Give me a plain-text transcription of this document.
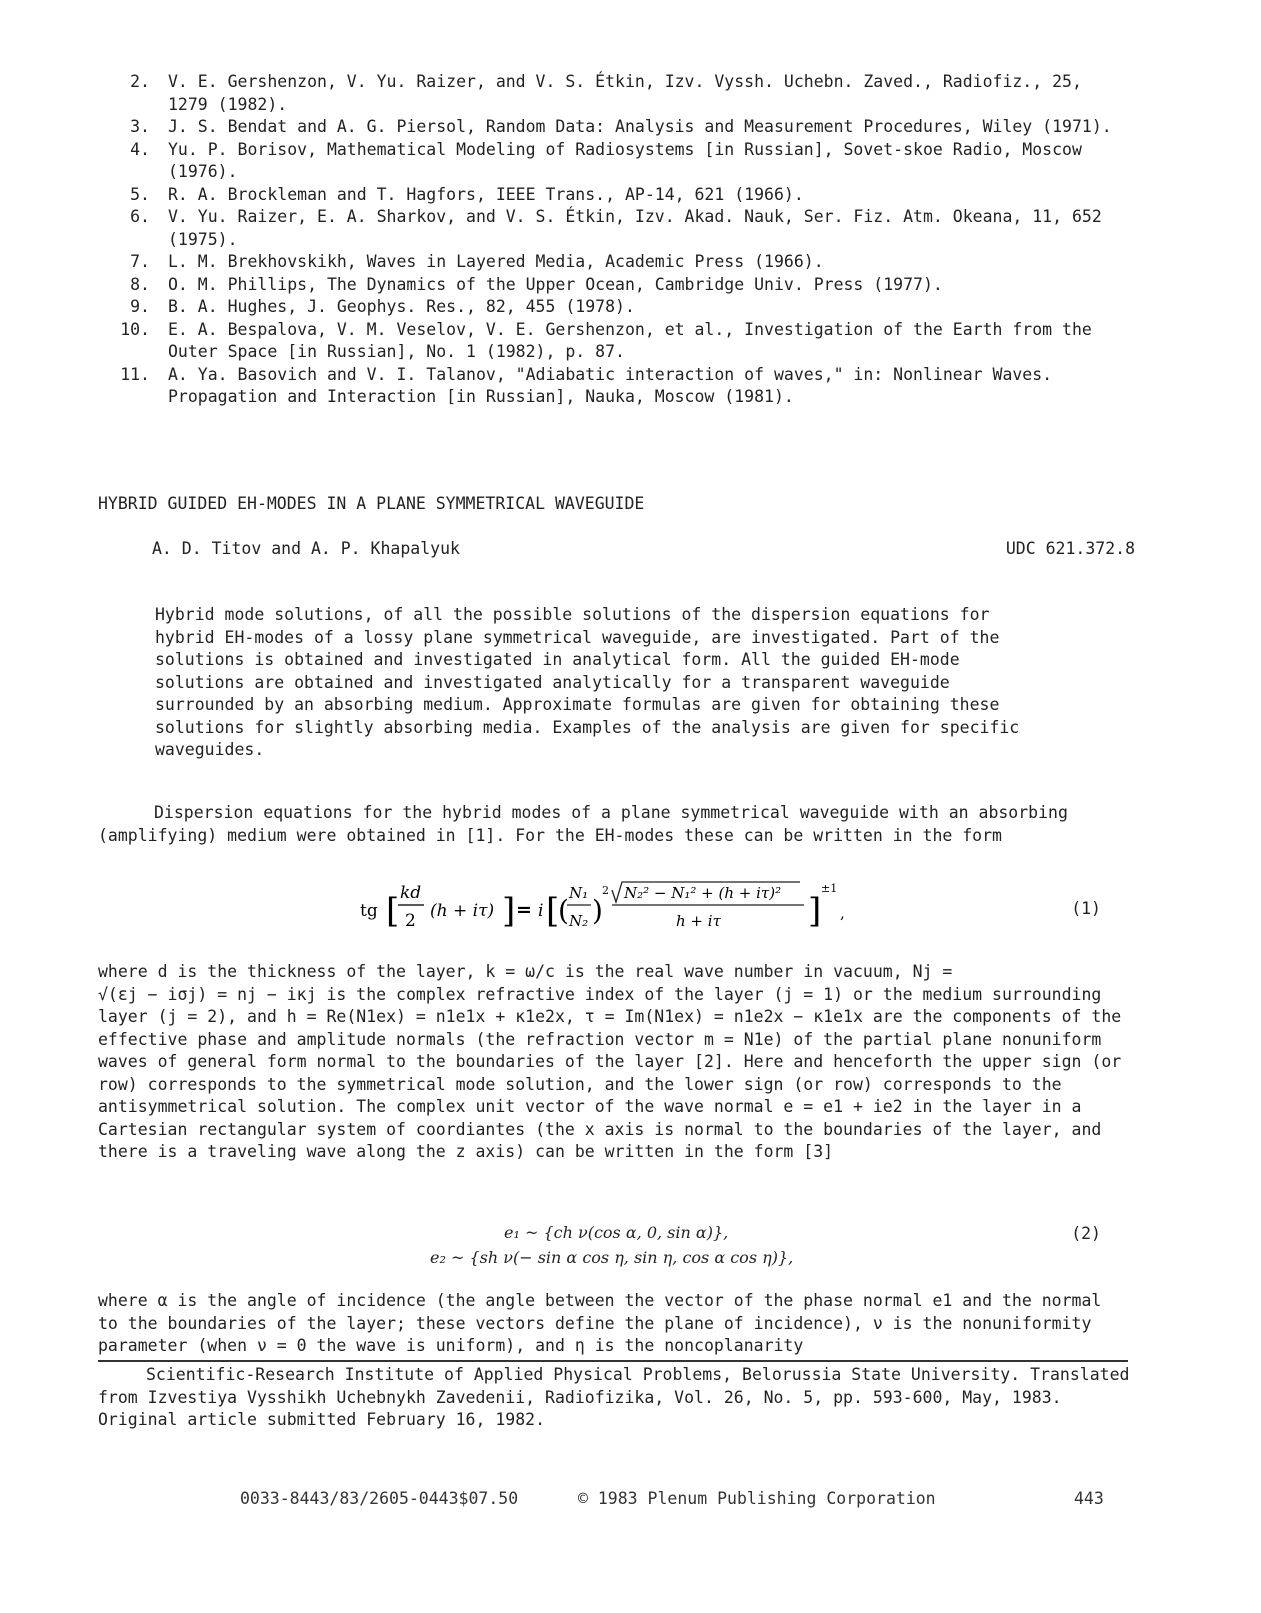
2. V. E. Gershenzon, V. Yu. Raizer, and V. S. Étkin, Izv. Vyssh. Uchebn. Zaved., Radiofiz., 25, 1279 (1982).
3. J. S. Bendat and A. G. Piersol, Random Data: Analysis and Measurement Procedures, Wiley (1971).
4. Yu. P. Borisov, Mathematical Modeling of Radiosystems [in Russian], Sovet-skoe Radio, Moscow (1976).
5. R. A. Brockleman and T. Hagfors, IEEE Trans., AP-14, 621 (1966).
6. V. Yu. Raizer, E. A. Sharkov, and V. S. Étkin, Izv. Akad. Nauk, Ser. Fiz. Atm. Okeana, 11, 652 (1975).
7. L. M. Brekhovskikh, Waves in Layered Media, Academic Press (1966).
8. O. M. Phillips, The Dynamics of the Upper Ocean, Cambridge Univ. Press (1977).
9. B. A. Hughes, J. Geophys. Res., 82, 455 (1978).
10. E. A. Bespalova, V. M. Veselov, V. E. Gershenzon, et al., Investigation of the Earth from the Outer Space [in Russian], No. 1 (1982), p. 87.
11. A. Ya. Basovich and V. I. Talanov, "Adiabatic interaction of waves," in: Nonlinear Waves. Propagation and Interaction [in Russian], Nauka, Moscow (1981).
HYBRID GUIDED EH-MODES IN A PLANE SYMMETRICAL WAVEGUIDE
A. D. Titov and A. P. Khapalyuk	UDC 621.372.8

Hybrid mode solutions, of all the possible solutions of the dispersion equations for hybrid EH-modes of a lossy plane symmetrical waveguide, are investigated. Part of the solutions is obtained and investigated in analytical form. All the guided EH-mode solutions are obtained and investigated analytically for a transparent waveguide surrounded by an absorbing medium. Approximate formulas are given for obtaining these solutions for slightly absorbing media. Examples of the analysis are given for specific waveguides.

Dispersion equations for the hybrid modes of a plane symmetrical waveguide with an absorbing (amplifying) medium were obtained in [1]. For the EH-modes these can be written in the form

tg [ kd
2 (h + iτ) ] = i [
(
N₁
N₂ )
2 N₂² − N₁² + (h + iτ)²
h + iτ	]
±1
,	(1)

where d is the thickness of the layer, k = ω/c is the real wave number in vacuum, Nj =

√(εj − iσj) = nj − iκj is the complex refractive index of the layer (j = 1) or the medium surrounding layer (j = 2), and h = Re(N1ex) = n1e1x + κ1e2x, τ = Im(N1ex) = n1e2x − κ1e1x are the components of the effective phase and amplitude normals (the refraction vector m = N1e) of the partial plane nonuniform waves of general form normal to the boundaries of the layer [2]. Here and henceforth the upper sign (or row) corresponds to the symmetrical mode solution, and the lower sign (or row) corresponds to the antisymmetrical solution. The complex unit vector of the wave normal e = e1 + ie2 in the layer in a Cartesian rectangular system of coordiantes (the x axis is normal to the boundaries of the layer, and there is a traveling wave along the z axis) can be written in the form [3]

e₁ ~ {ch ν(cos α, 0, sin α)},
e₂ ~ {sh ν(− sin α cos η, sin η, cos α cos η)},
(2)

where α is the angle of incidence (the angle between the vector of the phase normal e1 and the normal to the boundaries of the layer; these vectors define the plane of incidence), ν is the nonuniformity parameter (when ν = 0 the wave is uniform), and η is the noncoplanarity

Scientific-Research Institute of Applied Physical Problems, Belorussia State University. Translated from Izvestiya Vysshikh Uchebnykh Zavedenii, Radiofizika, Vol. 26, No. 5, pp. 593-600, May, 1983. Original article submitted February 16, 1982.

0033-8443/83/2605-0443$07.50	© 1983 Plenum Publishing Corporation	443
